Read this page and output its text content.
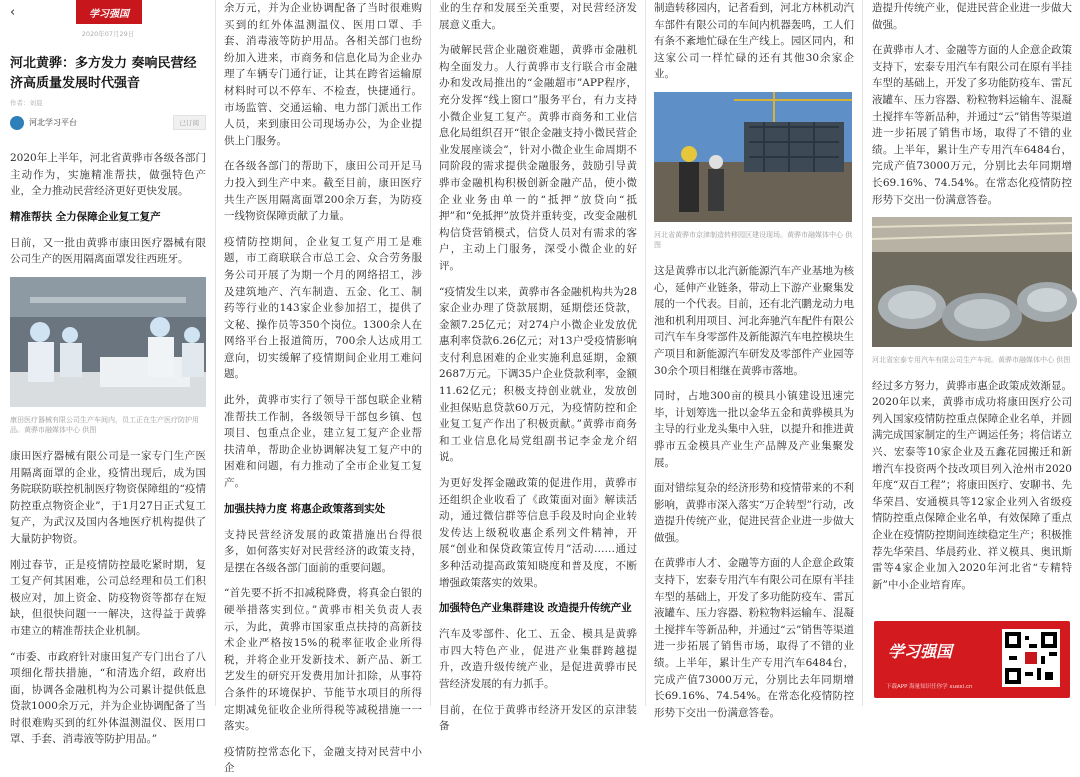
‹	学习强国
2020年07月29日
河北黄骅：多方发力 奏响民营经济高质量发展时代强音
作者：刘晨
河北学习平台	已订阅

2020年上半年，河北省黄骅市各级各部门主动作为，实施精准帮扶，做强特色产业，全力推动民营经济更好更快发展。

精准帮扶 全力保障企业复工复产

日前，又一批由黄骅市康田医疗器械有限公司生产的医用隔离面罩发往西班牙。

康田医疗器械有限公司生产车间内，员工正在生产医疗防护用品。黄骅市融媒体中心 供图

康田医疗器械有限公司是一家专门生产医用隔离面罩的企业，疫情出现后，成为国务院联防联控机制医疗物资保障组的“疫情防控重点物资企业”，于1月27日正式复工复产，为武汉及国内各地医疗机构提供了大量防护物资。

刚过春节，正是疫情防控最吃紧时期，复工复产何其困难，公司总经理和员工们积极应对，加上资金、防疫物资等都存在短缺，但很快问题一一解决，这得益于黄骅市建立的精准帮扶企业机制。

“市委、市政府针对康田复产专门出台了八项细化帮扶措施，“和清选介绍，政府出面，协调各金融机构为公司累计提供低息贷款1000余万元，并为企业协调配备了当时很难购买到的红外体温测温仪、医用口罩、手套、消毒液等防护用品。”

余万元，并为企业协调配备了当时很难购买到的红外体温测温仪、医用口罩、手套、消毒液等防护用品。各相关部门也纷纷加入进来，市商务和信息化局为企业办理了车辆专门通行证，让其在跨省运输原材料时可以不停车、不检查，快捷通行。市场监管、交通运输、电力部门派出工作人员，来到康田公司现场办公，为企业提供上门服务。

在各级各部门的帮助下，康田公司开足马力投入到生产中来。截至目前，康田医疗共生产医用隔离面罩200余万套，为防疫一线物资保障贡献了力量。

疫情防控期间，企业复工复产用工是难题，市工商联联合市总工会、众合劳务服务公司开展了为期一个月的网络招工，涉及建筑地产、汽车制造、五金、化工、制药等行业的143家企业参加招工，提供了文秘、操作员等350个岗位。1300余人在网络平台上报道简历，700余人达成用工意向，切实缓解了疫情期间企业用工难问题。

此外，黄骅市实行了领导干部包联企业精准帮扶工作制，各级领导干部包乡镇、包项目、包重点企业，建立复工复产企业帮扶清单，帮助企业协调解决复工复产中的困难和问题，有力推动了全市企业复工复产。

加强扶持力度 将惠企政策落到实处

支持民营经济发展的政策措施出台得很多，如何落实好对民营经济的政策支持，是摆在各级各部门面前的重要问题。

“首先要不折不扣减税降费，将真金白银的硬举措落实到位。”黄骅市相关负责人表示，为此，黄骅市国家重点扶持的高新技术企业严格按15%的税率征收企业所得税，并将企业开发新技术、新产品、新工艺发生的研究开发费用加计扣除，从事符合条件的环境保护、节能节水项目的所得定期减免征收企业所得税等减税措施一一落实。

疫情防控常态化下，金融支持对民营中小企

业的生存和发展至关重要，对民营经济发展意义重大。

为破解民营企业融资难题，黄骅市金融机构全面发力。人行黄骅市支行联合市金融办和发改局推出的“金融超市”APP程序，充分发挥“线上窗口”服务平台，有力支持小微企业复工复产。黄骅市商务和工业信息化局组织召开“银企金融支持小微民营企业发展座谈会”，针对小微企业生命周期不同阶段的需求提供金融服务，鼓励引导黄骅市金融机构积极创新金融产品，使小微企业业务由单一的“抵押”放贷向“抵押”和“免抵押”放贷并重转变，改变金融机构信贷营销模式，信贷人员对有需求的客户，主动上门服务，深受小微企业的好评。

“疫情发生以来，黄骅市各金融机构共为28家企业办理了贷款展期，延期偿还贷款，金额7.25亿元；对274户小微企业发放优惠利率贷款6.26亿元；对13户受疫情影响支付利息困难的企业实施利息延期，金额2687万元。下调35户企业贷款利率，金额11.62亿元；积极支持创业就业，发放创业担保贴息贷款60万元，为疫情防控和企业复工复产作出了积极贡献。”黄骅市商务和工业信息化局党组副书记李金龙介绍说。

为更好发挥金融政策的促进作用，黄骅市还组织企业收看了《政策面对面》解读活动，通过微信群等信息手段及时向企业转发传达上级税收惠企系列文件精神，开展“创业和保贷政策宣传月”活动……通过多种活动提高政策知晓度和普及度，不断增强政策落实的效果。

加强特色产业集群建设 改造提升传统产业

汽车及零部件、化工、五金、模具是黄骅市四大特色产业，促进产业集群跨越提升，改造升级传统产业，是促进黄骅市民营经济发展的有力抓手。

目前，在位于黄骅市经济开发区的京津装备

制造转移园内，记者看到，河北方林机动汽车部件有限公司的车间内机器轰鸣，工人们有条不紊地忙碌在生产线上。园区同内，和这家公司一样忙碌的还有其他30余家企业。

河北省黄骅市京津制造转移园区建设现场。黄骅市融媒体中心 供图

这是黄骅市以北汽新能源汽车产业基地为核心，延伸产业链条，带动上下游产业聚集发展的一个代表。目前，还有北汽鹏龙动力电池和机利用项目、河北奔驰汽车配件有限公司汽车车身零部件及新能源汽车电控模块生产项目和新能源汽车研发及零部件产业园等30余个项目相继在黄骅市落地。

同时，占地300亩的模具小镇建设迅速完毕，计划筹选一批以金华五金和黄骅模具为主导的行业龙头集中入驻，以提升和推进黄骅市五金模具产业生产品牌及产业集聚发展。

面对错综复杂的经济形势和疫情带来的不利影响，黄骅市深入落实“万企转型”行动，改造提升传统产业，促进民营企业进一步做大做强。

在黄骅市人才、金融等方面的人企意企政策支持下，宏泰专用汽车有限公司在原有半挂车型的基础上，开发了多功能防疫车、雷瓦液罐车、压力容器、粉粒物料运输车、混凝土搅拌车等新品种，并通过“云”销售等渠道进一步拓展了销售市场，取得了不错的业绩。上半年，累计生产专用汽车6484台，完成产值73000万元，分别比去年同期增长69.16%、74.54%。在常态化疫情防控形势下交出一份满意答卷。

造提升传统产业，促进民营企业进一步做大做强。

在黄骅市人才、金融等方面的人企意企政策支持下，宏泰专用汽车有限公司在原有半挂车型的基础上，开发了多功能防疫车、雷瓦液罐车、压力容器、粉粒物料运输车、混凝土搅拌车等新品种，并通过“云”销售等渠道进一步拓展了销售市场，取得了不错的业绩。上半年，累计生产专用汽车6484台，完成产值73000万元，分别比去年同期增长69.16%、74.54%。在常态化疫情防控形势下交出一份满意答卷。

河北省宏泰专用汽车有限公司生产车间。黄骅市融媒体中心 供图

经过多方努力，黄骅市惠企政策成效渐显。2020年以来，黄骅市成功将康田医疗公司列入国家疫情防控重点保障企业名单，并圆满完成国家制定的生产调运任务；将信诺立兴、宏泰等10家企业及五鑫花园搬迁和新增汽车投资两个技改项目列入沧州市2020年度“双百工程”；将康田医疗、安聊书、先华荣昌、安通模具等12家企业列入省级疫情防控重点保障企业名单，有效保障了重点企业在疫情防控期间连续稳定生产；积极推荐先华荣昌、华晨药业、祥义模具、奥讯斯雷等4家企业加入2020年河北省“专精特新”中小企业培育库。

学习强国
下载APP 海量知识任你学 xuexi.cn
